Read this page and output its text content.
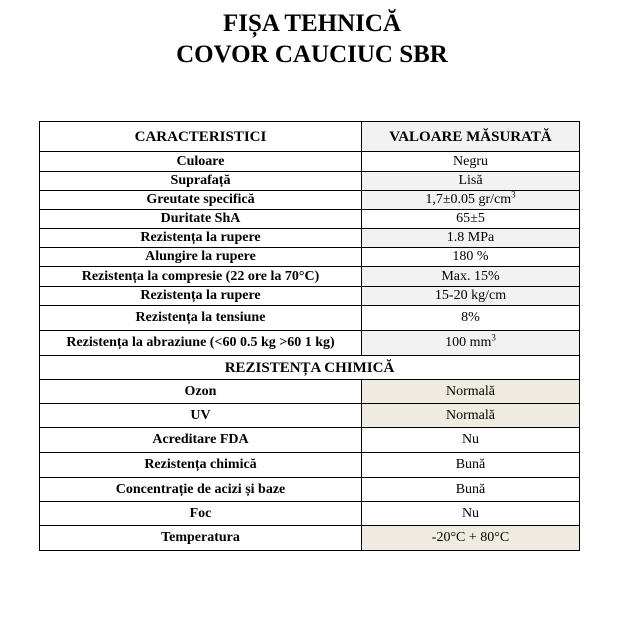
FIȘA TEHNICĂ
COVOR CAUCIUC SBR
CARACTERISTICI	VALOARE MĂSURATĂ
Culoare	Negru
Suprafață	Lisă
Greutate specifică	1,7±0.05 $gr/cm^3$
Duritate ShA	65±5
Rezistența la rupere	1.8 MPa
Alungire la rupere	180 %
Rezistența la compresie (22 ore la 70°C)	Max. 15%
Rezistența la rupere	15-20 kg/cm
Rezistența la tensiune	8%
Rezistența la abraziune (<60 0.5 kg >60 1 kg)	100 $mm^3$
REZISTENȚA CHIMICĂ	
Ozon	Normală
UV	Normală
Acreditare FDA	Nu
Rezistența chimică	Bună
Concentrație de acizi și baze	Bună
Foc	Nu
Temperatura	-20°C + 80°C
